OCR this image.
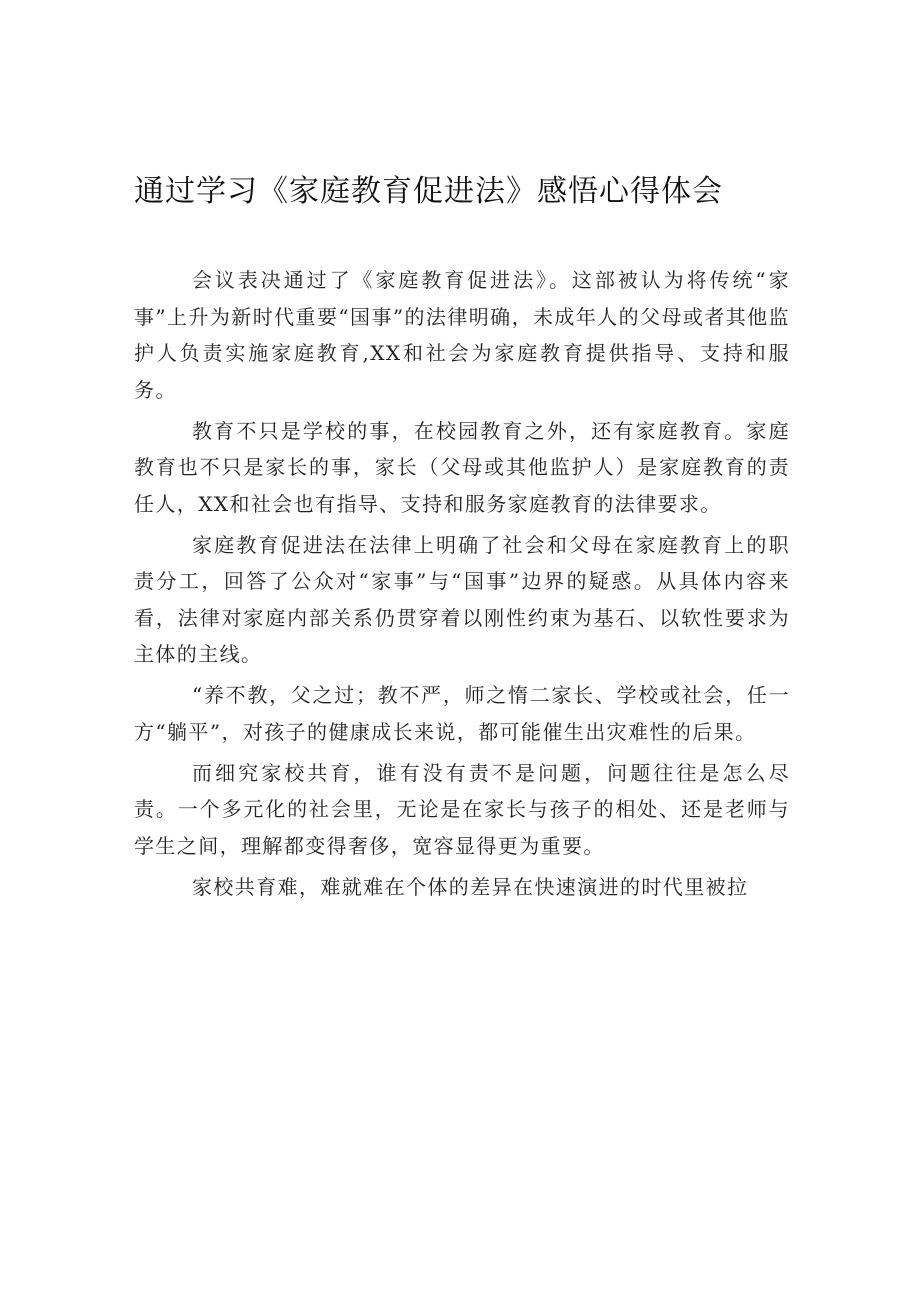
通过学习《家庭教育促进法》感悟心得体会

会议表决通过了《家庭教育促进法》。这部被认为将传统“家事”上升为新时代重要“国事”的法律明确，未成年人的父母或者其他监护人负责实施家庭教育,XX和社会为家庭教育提供指导、支持和服务。

教育不只是学校的事，在校园教育之外，还有家庭教育。家庭教育也不只是家长的事，家长（父母或其他监护人）是家庭教育的责任人，XX和社会也有指导、支持和服务家庭教育的法律要求。

家庭教育促进法在法律上明确了社会和父母在家庭教育上的职责分工，回答了公众对“家事”与“国事”边界的疑惑。从具体内容来看，法律对家庭内部关系仍贯穿着以刚性约束为基石、以软性要求为主体的主线。

“养不教，父之过；教不严，师之惰二家长、学校或社会，任一方“躺平”，对孩子的健康成长来说，都可能催生出灾难性的后果。

而细究家校共育，谁有没有责不是问题，问题往往是怎么尽责。一个多元化的社会里，无论是在家长与孩子的相处、还是老师与学生之间，理解都变得奢侈，宽容显得更为重要。

家校共育难，难就难在个体的差异在快速演进的时代里被拉
